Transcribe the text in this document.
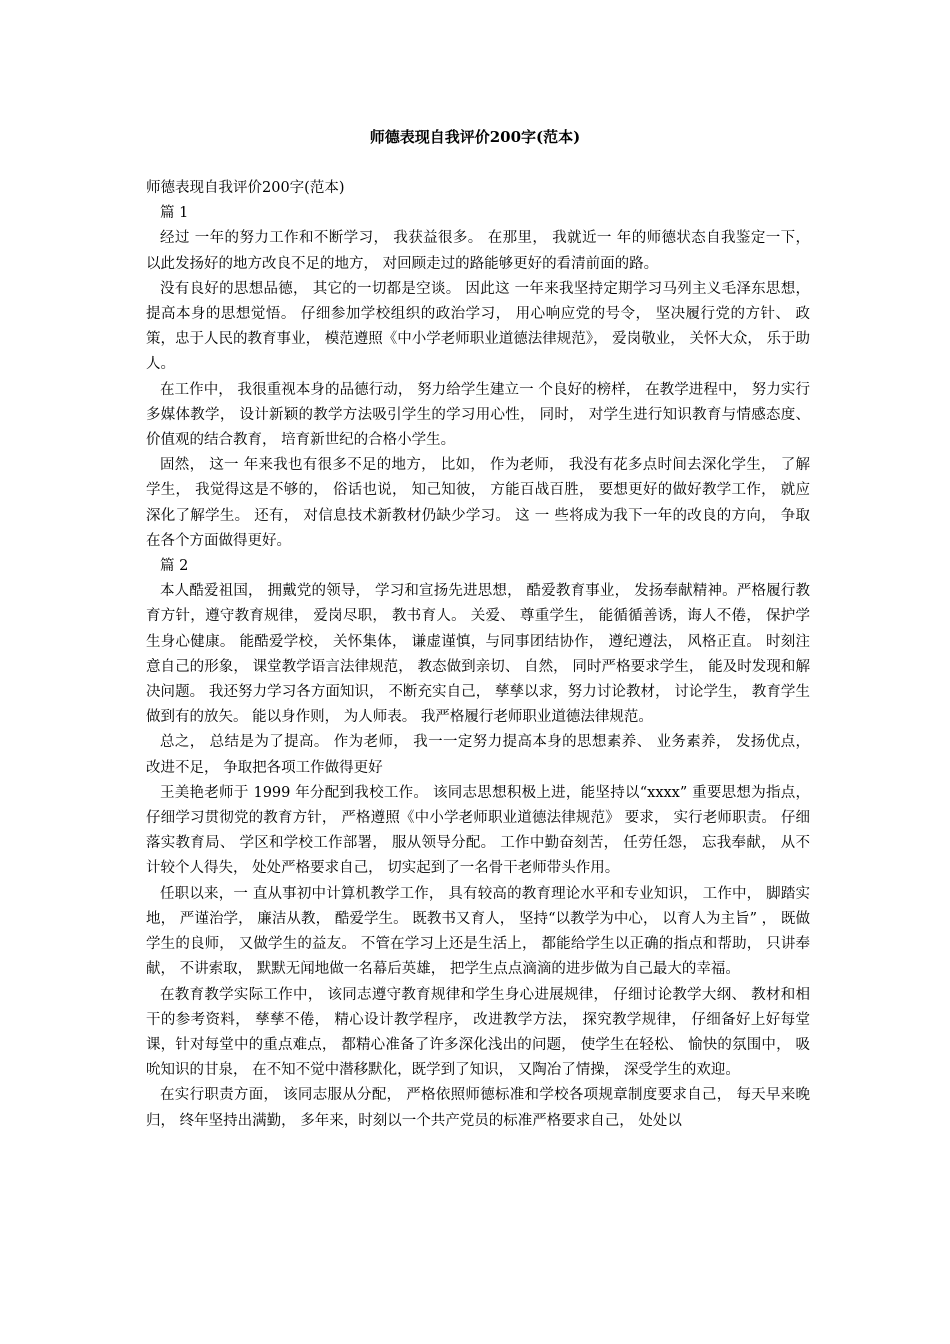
师德表现自我评价200字(范本)

师德表现自我评价200字(范本)

篇 1

经过 一年的努力工作和不断学习， 我获益很多。 在那里， 我就近一 年的师德状态自我鉴定一下， 以此发扬好的地方改良不足的地方， 对回顾走过的路能够更好的看清前面的路。

没有良好的思想品德， 其它的一切都是空谈。 因此这 一年来我坚持定期学习马列主义毛泽东思想， 提高本身的思想觉悟。 仔细参加学校组织的政治学习， 用心响应党的号令， 坚决履行党的方针、 政策，忠于人民的教育事业， 模范遵照《中小学老师职业道德法律规范》， 爱岗敬业， 关怀大众， 乐于助人。

在工作中， 我很重视本身的品德行动， 努力给学生建立一 个良好的榜样， 在教学进程中， 努力实行多媒体教学， 设计新颖的教学方法吸引学生的学习用心性， 同时， 对学生进行知识教育与情感态度、价值观的结合教育， 培育新世纪的合格小学生。

固然， 这一 年来我也有很多不足的地方， 比如， 作为老师， 我没有花多点时间去深化学生， 了解学生， 我觉得这是不够的， 俗话也说， 知己知彼， 方能百战百胜， 要想更好的做好教学工作， 就应深化了解学生。 还有， 对信息技术新教材仍缺少学习。 这 一 些将成为我下一年的改良的方向， 争取在各个方面做得更好。

篇 2

本人酷爱祖国， 拥戴党的领导， 学习和宣扬先进思想， 酷爱教育事业， 发扬奉献精神。严格履行教育方针，遵守教育规律， 爱岗尽职， 教书育人。 关爱、 尊重学生， 能循循善诱，诲人不倦， 保护学生身心健康。 能酷爱学校， 关怀集体， 谦虚谨慎，与同事团结协作， 遵纪遵法， 风格正直。 时刻注意自己的形象， 课堂教学语言法律规范， 教态做到亲切、 自然， 同时严格要求学生， 能及时发现和解决问题。 我还努力学习各方面知识， 不断充实自己， 孳孳以求，努力讨论教材， 讨论学生， 教育学生做到有的放矢。 能以身作则， 为人师表。 我严格履行老师职业道德法律规范。

总之， 总结是为了提高。 作为老师， 我一一定努力提高本身的思想素养、 业务素养， 发扬优点， 改进不足， 争取把各项工作做得更好

王美艳老师于 1999 年分配到我校工作。 该同志思想积极上进，能坚持以“xxxx” 重要思想为指点， 仔细学习贯彻党的教育方针， 严格遵照《中小学老师职业道德法律规范》 要求， 实行老师职责。 仔细落实教育局、 学区和学校工作部署， 服从领导分配。 工作中勤奋刻苦， 任劳任怨， 忘我奉献， 从不计较个人得失， 处处严格要求自己， 切实起到了一名骨干老师带头作用。

任职以来，一 直从事初中计算机教学工作， 具有较高的教育理论水平和专业知识， 工作中， 脚踏实地， 严谨治学， 廉洁从教， 酷爱学生。 既教书又育人， 坚持“以教学为中心， 以育人为主旨” ， 既做学生的良师， 又做学生的益友。 不管在学习上还是生活上， 都能给学生以正确的指点和帮助， 只讲奉献， 不讲索取， 默默无闻地做一名幕后英雄， 把学生点点滴滴的进步做为自己最大的幸福。

在教育教学实际工作中， 该同志遵守教育规律和学生身心进展规律， 仔细讨论教学大纲、 教材和相干的参考资料， 孳孳不倦， 精心设计教学程序， 改进教学方法， 探究教学规律， 仔细备好上好每堂课，针对每堂中的重点难点， 都精心准备了许多深化浅出的问题， 使学生在轻松、 愉快的氛围中， 吸吮知识的甘泉， 在不知不觉中潜移默化，既学到了知识， 又陶冶了情操， 深受学生的欢迎。

在实行职责方面， 该同志服从分配， 严格依照师德标准和学校各项规章制度要求自己， 每天早来晚归， 终年坚持出满勤， 多年来，时刻以一个共产党员的标准严格要求自己， 处处以
